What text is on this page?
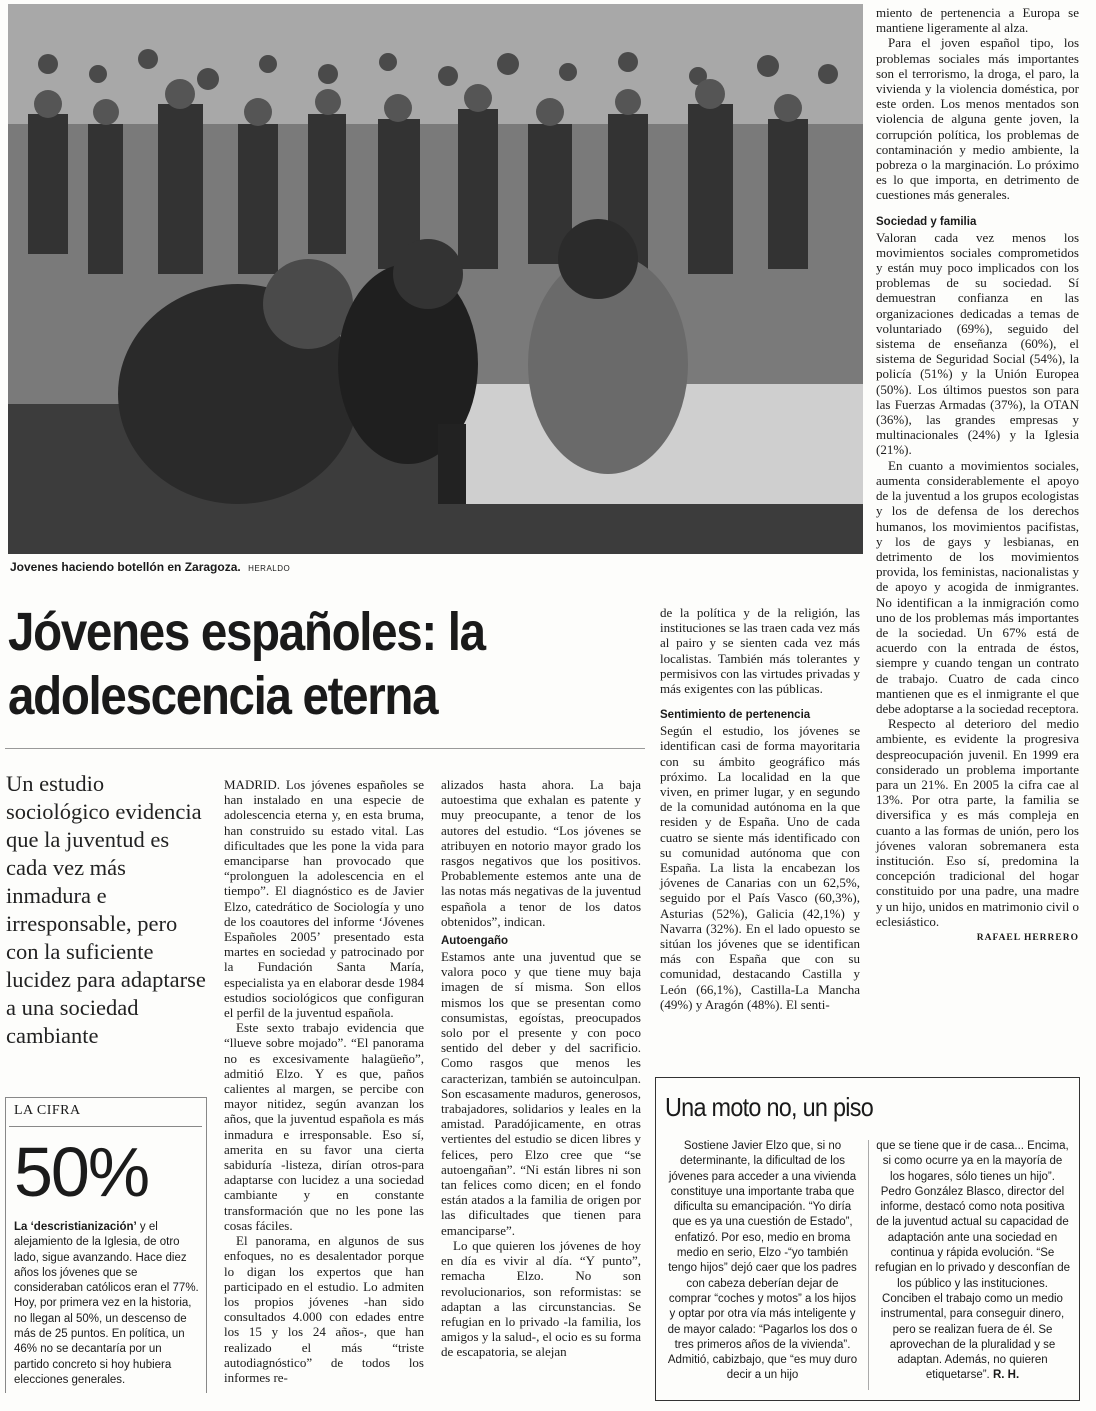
Jovenes haciendo botellón en Zaragoza. HERALDO
Jóvenes españoles: la
adolescencia eterna
Un estudio sociológico evidencia que la juventud es cada vez más inmadura e irresponsable, pero con la suficiente lucidez para adaptarse a una sociedad cambiante
LA CIFRA
50%
La ‘descristianización’ y el alejamiento de la Iglesia, de otro lado, sigue avanzando. Hace diez años los jóvenes que se consideraban católicos eran el 77%. Hoy, por primera vez en la historia, no llegan al 50%, un descenso de más de 25 puntos. En política, un 46% no se decantaría por un partido concreto si hoy hubiera elecciones generales.

MADRID. Los jóvenes españoles se han instalado en una especie de adolescencia eterna y, en esta bruma, han construido su estado vital. Las dificultades que les pone la vida para emanciparse han provocado que “prolonguen la adolescencia en el tiempo”. El diagnóstico es de Javier Elzo, catedrático de Sociología y uno de los coautores del informe ‘Jóvenes Españoles 2005’ presentado esta martes en sociedad y patrocinado por la Fundación Santa María, especialista ya en elaborar desde 1984 estudios sociológicos que configuran el perfil de la juventud española.

Este sexto trabajo evidencia que “llueve sobre mojado”. “El panorama no es excesivamente halagüeño”, admitió Elzo. Y es que, paños calientes al margen, se percibe con mayor nitidez, según avanzan los años, que la juventud española es más inmadura e irresponsable. Eso sí, amerita en su favor una cierta sabiduría -listeza, dirían otros-para adaptarse con lucidez a una sociedad cambiante y en constante transformación que no les pone las cosas fáciles.

El panorama, en algunos de sus enfoques, no es desalentador porque lo digan los expertos que han participado en el estudio. Lo admiten los propios jóvenes -han sido consultados 4.000 con edades entre los 15 y los 24 años-, que han realizado el más “triste autodiagnóstico” de todos los informes re-

alizados hasta ahora. La baja autoestima que exhalan es patente y muy preocupante, a tenor de los autores del estudio. “Los jóvenes se atribuyen en notorio mayor grado los rasgos negativos que los positivos. Probablemente estemos ante una de las notas más negativas de la juventud española a tenor de los datos obtenidos”, indican.

Autoengaño

Estamos ante una juventud que se valora poco y que tiene muy baja imagen de sí misma. Son ellos mismos los que se presentan como consumistas, egoístas, preocupados solo por el presente y con poco sentido del deber y del sacrificio. Como rasgos que menos les caracterizan, también se autoinculpan. Son escasamente maduros, generosos, trabajadores, solidarios y leales en la amistad. Paradójicamente, en otras vertientes del estudio se dicen libres y felices, pero Elzo cree que “se autoengañan”. “Ni están libres ni son tan felices como dicen; en el fondo están atados a la familia de origen por las dificultades que tienen para emanciparse”.

Lo que quieren los jóvenes de hoy en día es vivir al día. “Y punto”, remacha Elzo. No son revolucionarios, son reformistas: se adaptan a las circunstancias. Se refugian en lo privado -la familia, los amigos y la salud-, el ocio es su forma de escapatoria, se alejan

de la política y de la religión, las instituciones se las traen cada vez más al pairo y se sienten cada vez más localistas. También más tolerantes y permisivos con las virtudes privadas y más exigentes con las públicas.

Sentimiento de pertenencia

Según el estudio, los jóvenes se identifican casi de forma mayoritaria con su ámbito geográfico más próximo. La localidad en la que viven, en primer lugar, y en segundo de la comunidad autónoma en la que residen y de España. Uno de cada cuatro se siente más identificado con su comunidad autónoma que con España. La lista la encabezan los jóvenes de Canarias con un 62,5%, seguido por el País Vasco (60,3%), Asturias (52%), Galicia (42,1%) y Navarra (32%). En el lado opuesto se sitúan los jóvenes que se identifican más con España que con su comunidad, destacando Castilla y León (66,1%), Castilla-La Mancha (49%) y Aragón (48%). El senti-

miento de pertenencia a Europa se mantiene ligeramente al alza.

Para el joven español tipo, los problemas sociales más importantes son el terrorismo, la droga, el paro, la vivienda y la violencia doméstica, por este orden. Los menos mentados son violencia de alguna gente joven, la corrupción política, los problemas de contaminación y medio ambiente, la pobreza o la marginación. Lo próximo es lo que importa, en detrimento de cuestiones más generales.

Sociedad y familia

Valoran cada vez menos los movimientos sociales comprometidos y están muy poco implicados con los problemas de su sociedad. Sí demuestran confianza en las organizaciones dedicadas a temas de voluntariado (69%), seguido del sistema de enseñanza (60%), el sistema de Seguridad Social (54%), la policía (51%) y la Unión Europea (50%). Los últimos puestos son para las Fuerzas Armadas (37%), la OTAN (36%), las grandes empresas y multinacionales (24%) y la Iglesia (21%).

En cuanto a movimientos sociales, aumenta considerablemente el apoyo de la juventud a los grupos ecologistas y los de defensa de los derechos humanos, los movimientos pacifistas, y los de gays y lesbianas, en detrimento de los movimientos provida, los feministas, nacionalistas y de apoyo y acogida de inmigrantes. No identifican a la inmigración como uno de los problemas más importantes de la sociedad. Un 67% está de acuerdo con la entrada de éstos, siempre y cuando tengan un contrato de trabajo. Cuatro de cada cinco mantienen que es el inmigrante el que debe adoptarse a la sociedad receptora.

Respecto al deterioro del medio ambiente, es evidente la progresiva despreocupación juvenil. En 1999 era considerado un problema importante para un 21%. En 2005 la cifra cae al 13%. Por otra parte, la familia se diversifica y es más compleja en cuanto a las formas de unión, pero los jóvenes valoran sobremanera esta institución. Eso sí, predomina la concepción tradicional del hogar constituido por una padre, una madre y un hijo, unidos en matrimonio civil o eclesiástico.

RAFAEL HERRERO
Una moto no, un piso

Sostiene Javier Elzo que, si no determinante, la dificultad de los jóvenes para acceder a una vivienda constituye una importante traba que dificulta su emancipación. “Yo diría que es ya una cuestión de Estado”, enfatizó. Por eso, medio en broma medio en serio, Elzo -“yo también tengo hijos” dejó caer que los padres con cabeza deberían dejar de comprar “coches y motos” a los hijos y optar por otra vía más inteligente y de mayor calado: “Pagarlos los dos o tres primeros años de la vivienda”. Admitió, cabizbajo, que “es muy duro decir a un hijo

que se tiene que ir de casa... Encima, si como ocurre ya en la mayoría de los hogares, sólo tienes un hijo”. Pedro González Blasco, director del informe, destacó como nota positiva de la juventud actual su capacidad de adaptación ante una sociedad en continua y rápida evolución. “Se refugian en lo privado y desconfían de los público y las instituciones. Conciben el trabajo como un medio instrumental, para conseguir dinero, pero se realizan fuera de él. Se aprovechan de la pluralidad y se adaptan. Además, no quieren etiquetarse”. R. H.
